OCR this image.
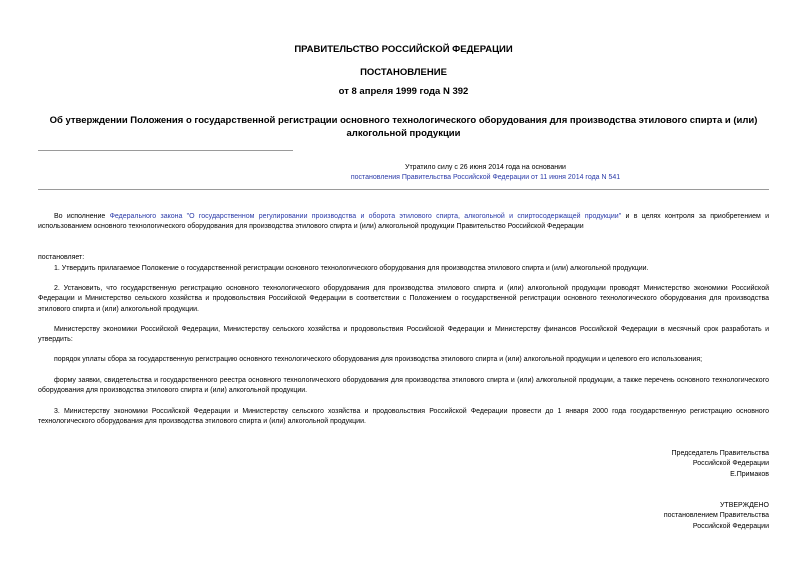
ПРАВИТЕЛЬСТВО РОССИЙСКОЙ ФЕДЕРАЦИИ
ПОСТАНОВЛЕНИЕ
от 8 апреля 1999 года N 392
Об утверждении Положения о государственной регистрации основного технологического оборудования для производства этилового спирта и (или) алкогольной продукции
Утратило силу с 26 июня 2014 года на основании
постановления Правительства Российской Федерации от 11 июня 2014 года N 541
Во исполнение Федерального закона "О государственном регулировании производства и оборота этилового спирта, алкогольной и спиртосодержащей продукции" и в целях контроля за приобретением и использованием основного технологического оборудования для производства этилового спирта и (или) алкогольной продукции Правительство Российской Федерации
постановляет:
1. Утвердить прилагаемое Положение о государственной регистрации основного технологического оборудования для производства этилового спирта и (или) алкогольной продукции.
2. Установить, что государственную регистрацию основного технологического оборудования для производства этилового спирта и (или) алкогольной продукции проводят Министерство экономики Российской Федерации и Министерство сельского хозяйства и продовольствия Российской Федерации в соответствии с Положением о государственной регистрации основного технологического оборудования для производства этилового спирта и (или) алкогольной продукции.
Министерству экономики Российской Федерации, Министерству сельского хозяйства и продовольствия Российской Федерации и Министерству финансов Российской Федерации в месячный срок разработать и утвердить:
порядок уплаты сбора за государственную регистрацию основного технологического оборудования для производства этилового спирта и (или) алкогольной продукции и целевого его использования;
форму заявки, свидетельства и государственного реестра основного технологического оборудования для производства этилового спирта и (или) алкогольной продукции, а также перечень основного технологического оборудования для производства этилового спирта и (или) алкогольной продукции.
3. Министерству экономики Российской Федерации и Министерству сельского хозяйства и продовольствия Российской Федерации провести до 1 января 2000 года государственную регистрацию основного технологического оборудования для производства этилового спирта и (или) алкогольной продукции.
Председатель Правительства
Российской Федерации
Е.Примаков
УТВЕРЖДЕНО
постановлением Правительства
Российской Федерации
